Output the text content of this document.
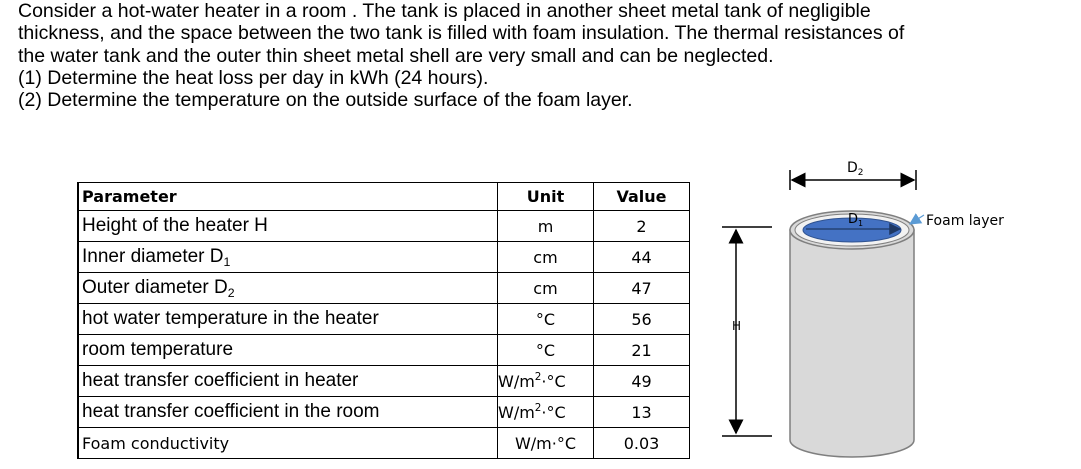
Consider a hot-water heater in a room . The tank is placed in another sheet metal tank of negligible
thickness, and the space between the two tank is filled with foam insulation. The thermal resistances of
the water tank and the outer thin sheet metal shell are very small and can be neglected.
(1) Determine the heat loss per day in kWh (24 hours).
(2) Determine the temperature on the outside surface of the foam layer.
Parameter	Unit	Value
Height of the heater H	m	2
Inner diameter $D_1$	cm	44
Outer diameter $D_2$	cm	47
hot water temperature in the heater	°C	56
room temperature	°C	21
heat transfer coefficient in heater	$W/m^2\cdot^\circ C$	49
heat transfer coefficient in the room	$W/m^2\cdot^\circ C$	13
Foam conductivity	W/m·°C	0.03
$D_2$
H
$D_1$	Foam layer
